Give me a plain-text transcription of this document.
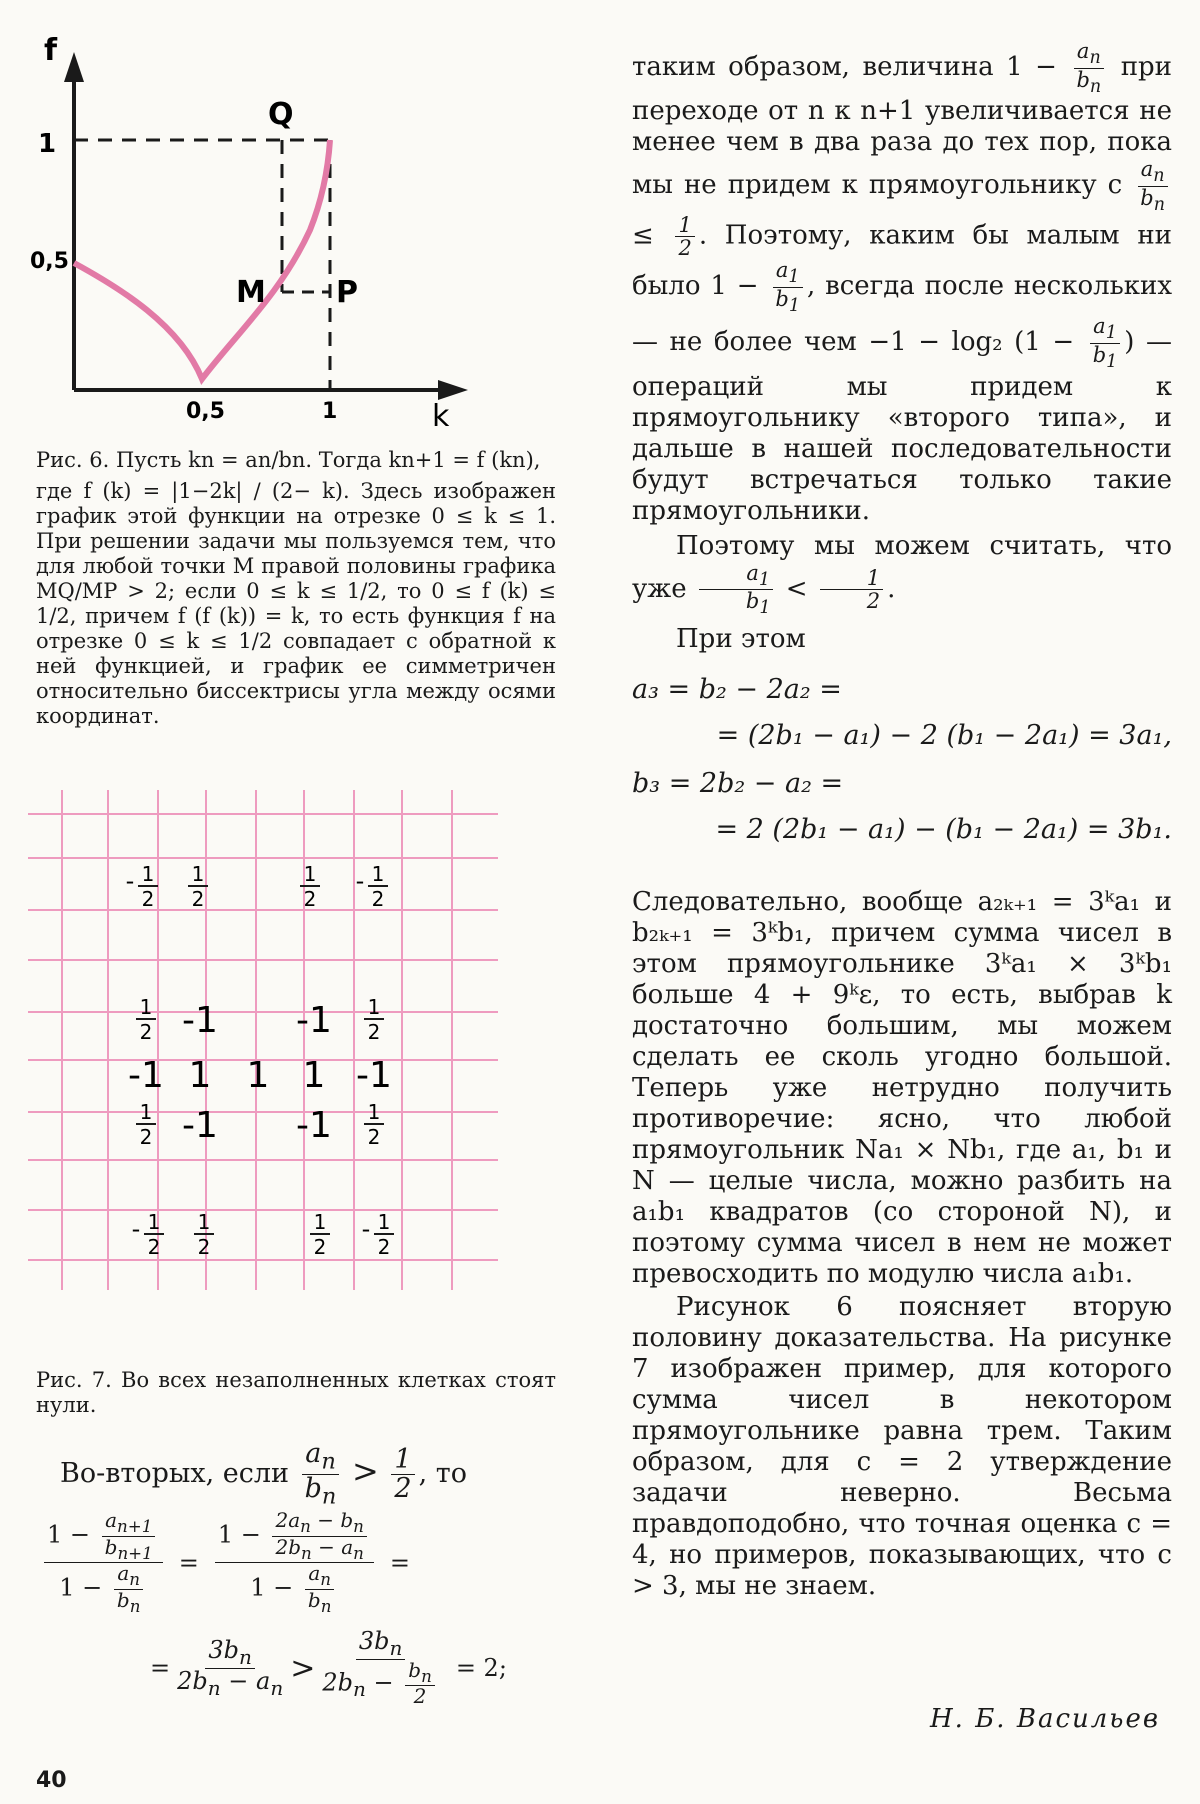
f
k
1
0,5
0,5	1
Q
M P

Рис. 6. Пусть kn = an/bn. Тогда kn+1 = f (kn),

где f (k) = |1−2k| / (2− k). Здесь изображен график этой функции на отрезке 0 ≤ k ≤ 1. При решении задачи мы пользуемся тем, что для любой точки M правой половины графика MQ/MP > 2; если 0 ≤ k ≤ 1/2, то 0 ≤ f (k) ≤ 1/2, причем f (f (k)) = k, то есть функция f на отрезке 0 ≤ k ≤ 1/2 совпадает с обратной к ней функцией, и график ее симметричен относительно биссектрисы угла между осями координат.

- 1
2
1
2
1
2
- 1
2
1
2 -1 -1 1
2
-1 1 1 1 -1
1
2 -1 -1 1
2
- 1
2
1
2
1
2
- 1
2

Рис. 7. Во всех незаполненных клетках стоят нули.

Во-вторых, если $\frac{a_n}{b_n} > \frac{1}{2}$ , то
$\frac{1 - \frac{a_{n+1}}{b_{n+1}}}{1 - \frac{a_n}{b_n}} = \frac{1 - \frac{2a_n - b_n}{2b_n - a_n}}{1 - \frac{a_n}{b_n}}$ =
= $\frac{3b_n}{2b_n - a_n} > \frac{3b_n}{2b_n - \frac{b_n}{2}} = 2$;

таким образом, величина $1 - \frac{a_n}{b_n}$ при переходе от n к n+1 увеличивается не менее чем в два раза до тех пор, пока мы не придем к прямоугольнику с $\frac{a_n}{b_n}$
≤ $\frac{1}{2}$ . Поэтому, каким бы малым ни было $1 - \frac{a_1}{b_1}$ , всегда после нескольких — не более чем −1 − log₂ ($1 - \frac{a_1}{b_1}$ ) — операций мы придем к прямоугольнику «второго типа», и дальше в нашей последовательности будут встречаться только такие прямоугольники.

Поэтому мы можем считать, что уже $\frac{a_1}{b_1} < \frac{1}{2}$ .

При этом

a₃ = b₂ − 2a₂ =
= (2b₁ − a₁) − 2 (b₁ − 2a₁) = 3a₁,
b₃ = 2b₂ − a₂ =
= 2 (2b₁ − a₁) − (b₁ − 2a₁) = 3b₁.

Следовательно, вообще a₂ₖ₊₁ = 3ᵏa₁ и b₂ₖ₊₁ = 3ᵏb₁, причем сумма чисел в этом прямоугольнике 3ᵏa₁ × 3ᵏb₁ больше 4 + 9ᵏε, то есть, выбрав k достаточно большим, мы можем сделать ее сколь угодно большой. Теперь уже нетрудно получить противоречие: ясно, что любой прямоугольник Na₁ × Nb₁, где a₁, b₁ и N — целые числа, можно разбить на a₁b₁ квадратов (со стороной N), и поэтому сумма чисел в нем не может превосходить по модулю числа a₁b₁.

Рисунок 6 поясняет вторую половину доказательства. На рисунке 7 изображен пример, для которого сумма чисел в некотором прямоугольнике равна трем. Таким образом, для c = 2 утверждение задачи неверно. Весьма правдоподобно, что точная оценка c = 4, но примеров, показывающих, что c > 3, мы не знаем.

Н. Б. Васильев
40
